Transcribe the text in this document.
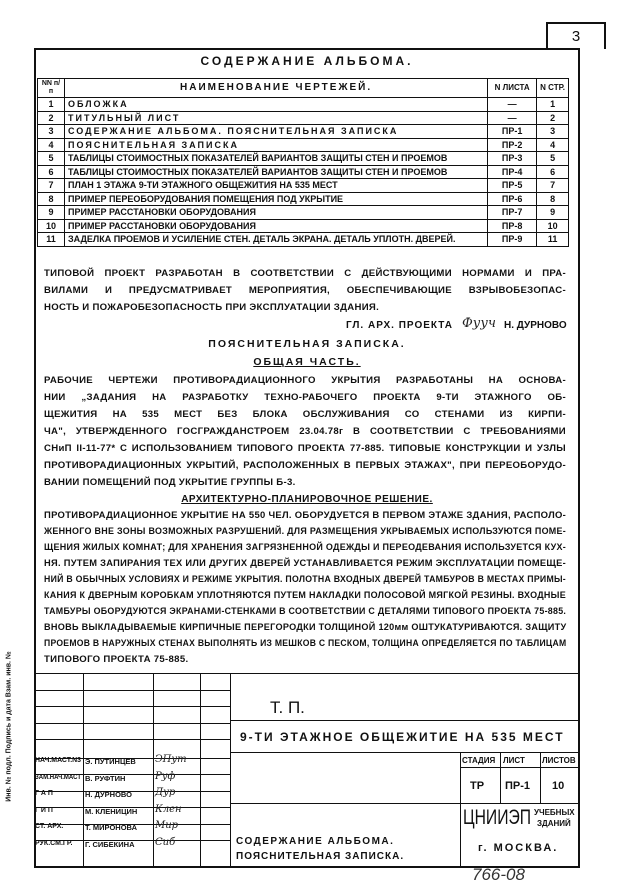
3
Инв. № подл. Подпись и дата Взам. инв. №
СОДЕРЖАНИЕ АЛЬБОМА.
NN п/п	НАИМЕНОВАНИЕ ЧЕРТЕЖЕЙ.	N ЛИСТА	N СТР.
1	ОБЛОЖКА	—	1
2	ТИТУЛЬНЫЙ ЛИСТ	—	2
3	СОДЕРЖАНИЕ АЛЬБОМА. ПОЯСНИТЕЛЬНАЯ ЗАПИСКА	ПР-1	3
4	ПОЯСНИТЕЛЬНАЯ ЗАПИСКА	ПР-2	4
5	ТАБЛИЦЫ СТОИМОСТНЫХ ПОКАЗАТЕЛЕЙ ВАРИАНТОВ ЗАЩИТЫ СТЕН И ПРОЕМОВ	ПР-3	5
6	ТАБЛИЦЫ СТОИМОСТНЫХ ПОКАЗАТЕЛЕЙ ВАРИАНТОВ ЗАЩИТЫ СТЕН И ПРОЕМОВ	ПР-4	6
7	ПЛАН 1 ЭТАЖА 9-ТИ ЭТАЖНОГО ОБЩЕЖИТИЯ НА 535 МЕСТ	ПР-5	7
8	ПРИМЕР ПЕРЕОБОРУДОВАНИЯ ПОМЕЩЕНИЯ ПОД УКРЫТИЕ	ПР-6	8
9	ПРИМЕР РАССТАНОВКИ ОБОРУДОВАНИЯ	ПР-7	9
10	ПРИМЕР РАССТАНОВКИ ОБОРУДОВАНИЯ	ПР-8	10
11	ЗАДЕЛКА ПРОЕМОВ И УСИЛЕНИЕ СТЕН. ДЕТАЛЬ ЭКРАНА. ДЕТАЛЬ УПЛОТН. ДВЕРЕЙ.	ПР-9	11
ТИПОВОЙ ПРОЕКТ РАЗРАБОТАН В СООТВЕТСТВИИ С ДЕЙСТВУЮЩИМИ НОРМАМИ И ПРА-
ВИЛАМИ И ПРЕДУСМАТРИВАЕТ МЕРОПРИЯТИЯ, ОБЕСПЕЧИВАЮЩИЕ ВЗРЫВОБЕЗОПАС-
НОСТЬ И ПОЖАРОБЕЗОПАСНОСТЬ ПРИ ЭКСПЛУАТАЦИИ ЗДАНИЯ.
ГЛ. АРХ. ПРОЕКТА Фууч Н. ДУРНОВО
ПОЯСНИТЕЛЬНАЯ ЗАПИСКА.
ОБЩАЯ ЧАСТЬ.
РАБОЧИЕ ЧЕРТЕЖИ ПРОТИВОРАДИАЦИОННОГО УКРЫТИЯ РАЗРАБОТАНЫ НА ОСНОВА-
НИИ „ЗАДАНИЯ НА РАЗРАБОТКУ ТЕХНО-РАБОЧЕГО ПРОЕКТА 9-ТИ ЭТАЖНОГО ОБ-
ЩЕЖИТИЯ НА 535 МЕСТ БЕЗ БЛОКА ОБСЛУЖИВАНИЯ СО СТЕНАМИ ИЗ КИРПИ-
ЧА", УТВЕРЖДЕННОГО ГОСГРАЖДАНСТРОЕМ 23.04.78г В СООТВЕТСТВИИ С ТРЕБОВАНИЯМИ
СНиП II-11-77* С ИСПОЛЬЗОВАНИЕМ ТИПОВОГО ПРОЕКТА 77-885. ТИПОВЫЕ КОНСТРУКЦИИ И УЗЛЫ
ПРОТИВОРАДИАЦИОННЫХ УКРЫТИЙ, РАСПОЛОЖЕННЫХ В ПЕРВЫХ ЭТАЖАХ", ПРИ ПЕРЕОБОРУДО-
ВАНИИ ПОМЕЩЕНИЙ ПОД УКРЫТИЕ ГРУППЫ Б-3.
АРХИТЕКТУРНО-ПЛАНИРОВОЧНОЕ РЕШЕНИЕ.
ПРОТИВОРАДИАЦИОННОЕ УКРЫТИЕ НА 550 ЧЕЛ. ОБОРУДУЕТСЯ В ПЕРВОМ ЭТАЖЕ ЗДАНИЯ, РАСПОЛО-
ЖЕННОГО ВНЕ ЗОНЫ ВОЗМОЖНЫХ РАЗРУШЕНИЙ. ДЛЯ РАЗМЕЩЕНИЯ УКРЫВАЕМЫХ ИСПОЛЬЗУЮТСЯ ПОМЕ-
ЩЕНИЯ ЖИЛЫХ КОМНАТ; ДЛЯ ХРАНЕНИЯ ЗАГРЯЗНЕННОЙ ОДЕЖДЫ И ПЕРЕОДЕВАНИЯ ИСПОЛЬЗУЕТСЯ КУХ-
НЯ. ПУТЕМ ЗАПИРАНИЯ ТЕХ ИЛИ ДРУГИХ ДВЕРЕЙ УСТАНАВЛИВАЕТСЯ РЕЖИМ ЭКСПЛУАТАЦИИ ПОМЕЩЕ-
НИЙ В ОБЫЧНЫХ УСЛОВИЯХ И РЕЖИМЕ УКРЫТИЯ. ПОЛОТНА ВХОДНЫХ ДВЕРЕЙ ТАМБУРОВ В МЕСТАХ ПРИМЫ-
КАНИЯ К ДВЕРНЫМ КОРОБКАМ УПЛОТНЯЮТСЯ ПУТЕМ НАКЛАДКИ ПОЛОСОВОЙ МЯГКОЙ РЕЗИНЫ. ВХОДНЫЕ
ТАМБУРЫ ОБОРУДУЮТСЯ ЭКРАНАМИ-СТЕНКАМИ В СООТВЕТСТВИИ С ДЕТАЛЯМИ ТИПОВОГО ПРОЕКТА 75-885.
ВНОВЬ ВЫКЛАДЫВАЕМЫЕ КИРПИЧНЫЕ ПЕРЕГОРОДКИ ТОЛЩИНОЙ 120мм ОШТУКАТУРИВАЮТСЯ. ЗАЩИТУ
ПРОЕМОВ В НАРУЖНЫХ СТЕНАХ ВЫПОЛНЯТЬ ИЗ МЕШКОВ С ПЕСКОМ, ТОЛЩИНА ОПРЕДЕЛЯЕТСЯ ПО ТАБЛИЦАМ
ТИПОВОГО ПРОЕКТА 75-885.
НАЧ.МАСТ.N3 Э. ПУТИНЦЕВ ЭПут
ЗАМ.НАЧ.МАСТ В. РУФТИН	Руф
Г А П	Н. ДУРНОВО Дур
Г И П	М. КЛЕНИЦИН Клен
СТ. АРХ.	Т. МИРОНОВА Мир
РУК.СМ.ГР. Г. СИБЕКИНА Сиб
Т. П.
9-ТИ ЭТАЖНОЕ ОБЩЕЖИТИЕ НА 535 МЕСТ
СТАДИЯ ЛИСТ ЛИСТОВ
ТР ПР-1 10
СОДЕРЖАНИЕ АЛЬБОМА.
ПОЯСНИТЕЛЬНАЯ ЗАПИСКА.
ЦНИИЭП УЧЕБНЫХ
ЗДАНИЙ
г. МОСКВА.
766-08
